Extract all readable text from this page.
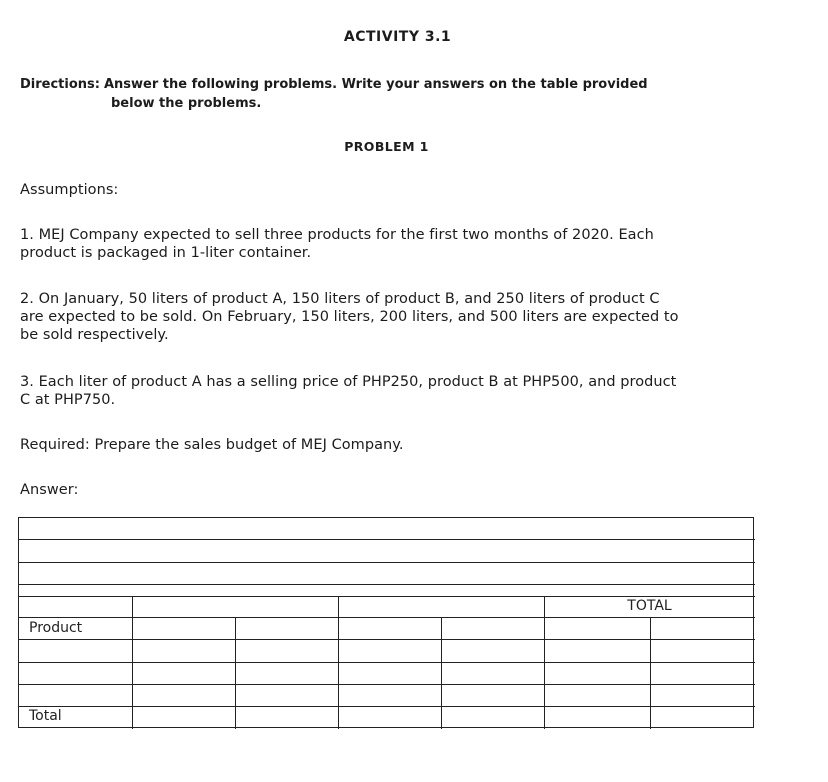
ACTIVITY 3.1
Directions: Answer the following problems. Write your answers on the table provided
below the problems.
PROBLEM 1
Assumptions:
1. MEJ Company expected to sell three products for the first two months of 2020. Each
product is packaged in 1-liter container.
2. On January, 50 liters of product A, 150 liters of product B, and 250 liters of product C
are expected to be sold. On February, 150 liters, 200 liters, and 500 liters are expected to
be sold respectively.
3. Each liter of product A has a selling price of PHP250, product B at PHP500, and product
C at PHP750.
Required: Prepare the sales budget of MEJ Company.
Answer:
TOTAL
Product
Total
